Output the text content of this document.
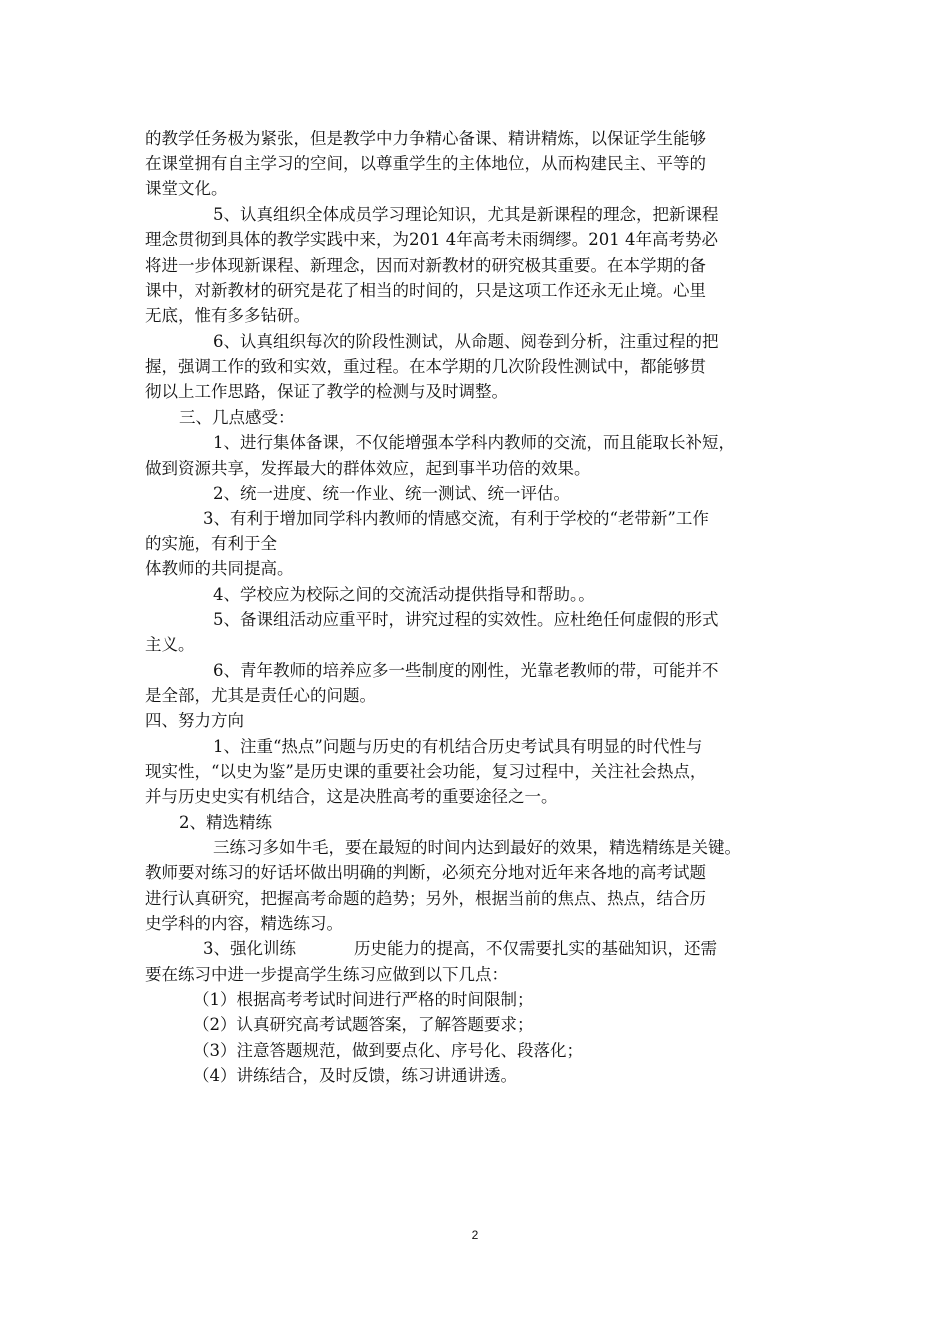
的教学任务极为紧张，但是教学中力争精心备课、精讲精炼，以保证学生能够
在课堂拥有自主学习的空间，以尊重学生的主体地位，从而构建民主、平等的
课堂文化。
5、认真组织全体成员学习理论知识，尤其是新课程的理念，把新课程
理念贯彻到具体的教学实践中来，为201 4年高考未雨绸缪。201 4年高考势必
将进一步体现新课程、新理念，因而对新教材的研究极其重要。在本学期的备
课中，对新教材的研究是花了相当的时间的，只是这项工作还永无止境。心里
无底，惟有多多钻研。
6、认真组织每次的阶段性测试，从命题、阅卷到分析，注重过程的把
握，强调工作的致和实效，重过程。在本学期的几次阶段性测试中，都能够贯
彻以上工作思路，保证了教学的检测与及时调整。
三、几点感受：
1、进行集体备课，不仅能增强本学科内教师的交流，而且能取长补短，
做到资源共享，发挥最大的群体效应，起到事半功倍的效果。
2、统一进度、统一作业、统一测试、统一评估。
3、有利于增加同学科内教师的情感交流，有利于学校的“老带新”工作
的实施，有利于全
体教师的共同提高。
4、学校应为校际之间的交流活动提供指导和帮助。。
5、备课组活动应重平时，讲究过程的实效性。应杜绝任何虚假的形式
主义。
6、青年教师的培养应多一些制度的刚性，光靠老教师的带，可能并不
是全部，尤其是责任心的问题。
四、努力方向
1、注重“热点”问题与历史的有机结合历史考试具有明显的时代性与
现实性，“以史为鉴”是历史课的重要社会功能，复习过程中，关注社会热点，
并与历史史实有机结合，这是决胜高考的重要途径之一。
2、精选精练
三练习多如牛毛，要在最短的时间内达到最好的效果，精选精练是关键。
教师要对练习的好话坏做出明确的判断，必须充分地对近年来各地的高考试题
进行认真研究，把握高考命题的趋势；另外，根据当前的焦点、热点，结合历
史学科的内容，精选练习。
3、强化训练	历史能力的提高，不仅需要扎实的基础知识，还需
要在练习中进一步提高学生练习应做到以下几点：
（1）根据高考考试时间进行严格的时间限制；
（2）认真研究高考试题答案，了解答题要求；
（3）注意答题规范，做到要点化、序号化、段落化；
（4）讲练结合，及时反馈，练习讲通讲透。
2
